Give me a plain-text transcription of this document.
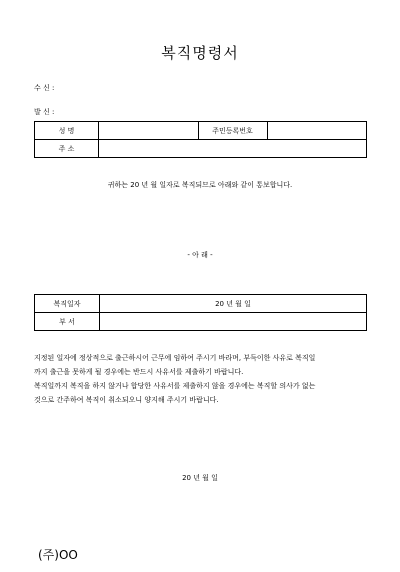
복직명령서
수 신 :
발 신 :
성 명		주민등록번호	
주 소			
귀하는 20 년 월 일자로 복직되므로 아래와 같이 통보합니다.
- 아 래 -
복직일자	20 년 월 일
부 서	
지정된 일자에 정상적으로 출근하시어 근무에 임하여 주시기 바라며, 부득이한 사유로 복직일
까지 출근을 못하게 될 경우에는 반드시 사유서를 제출하기 바랍니다.
복직일까지 복직을 하지 않거나 합당한 사유서를 제출하지 않을 경우에는 복직할 의사가 없는
것으로 간주하여 복직이 취소되오니 양지해 주시기 바랍니다.
20 년 월 일
(주)OO
